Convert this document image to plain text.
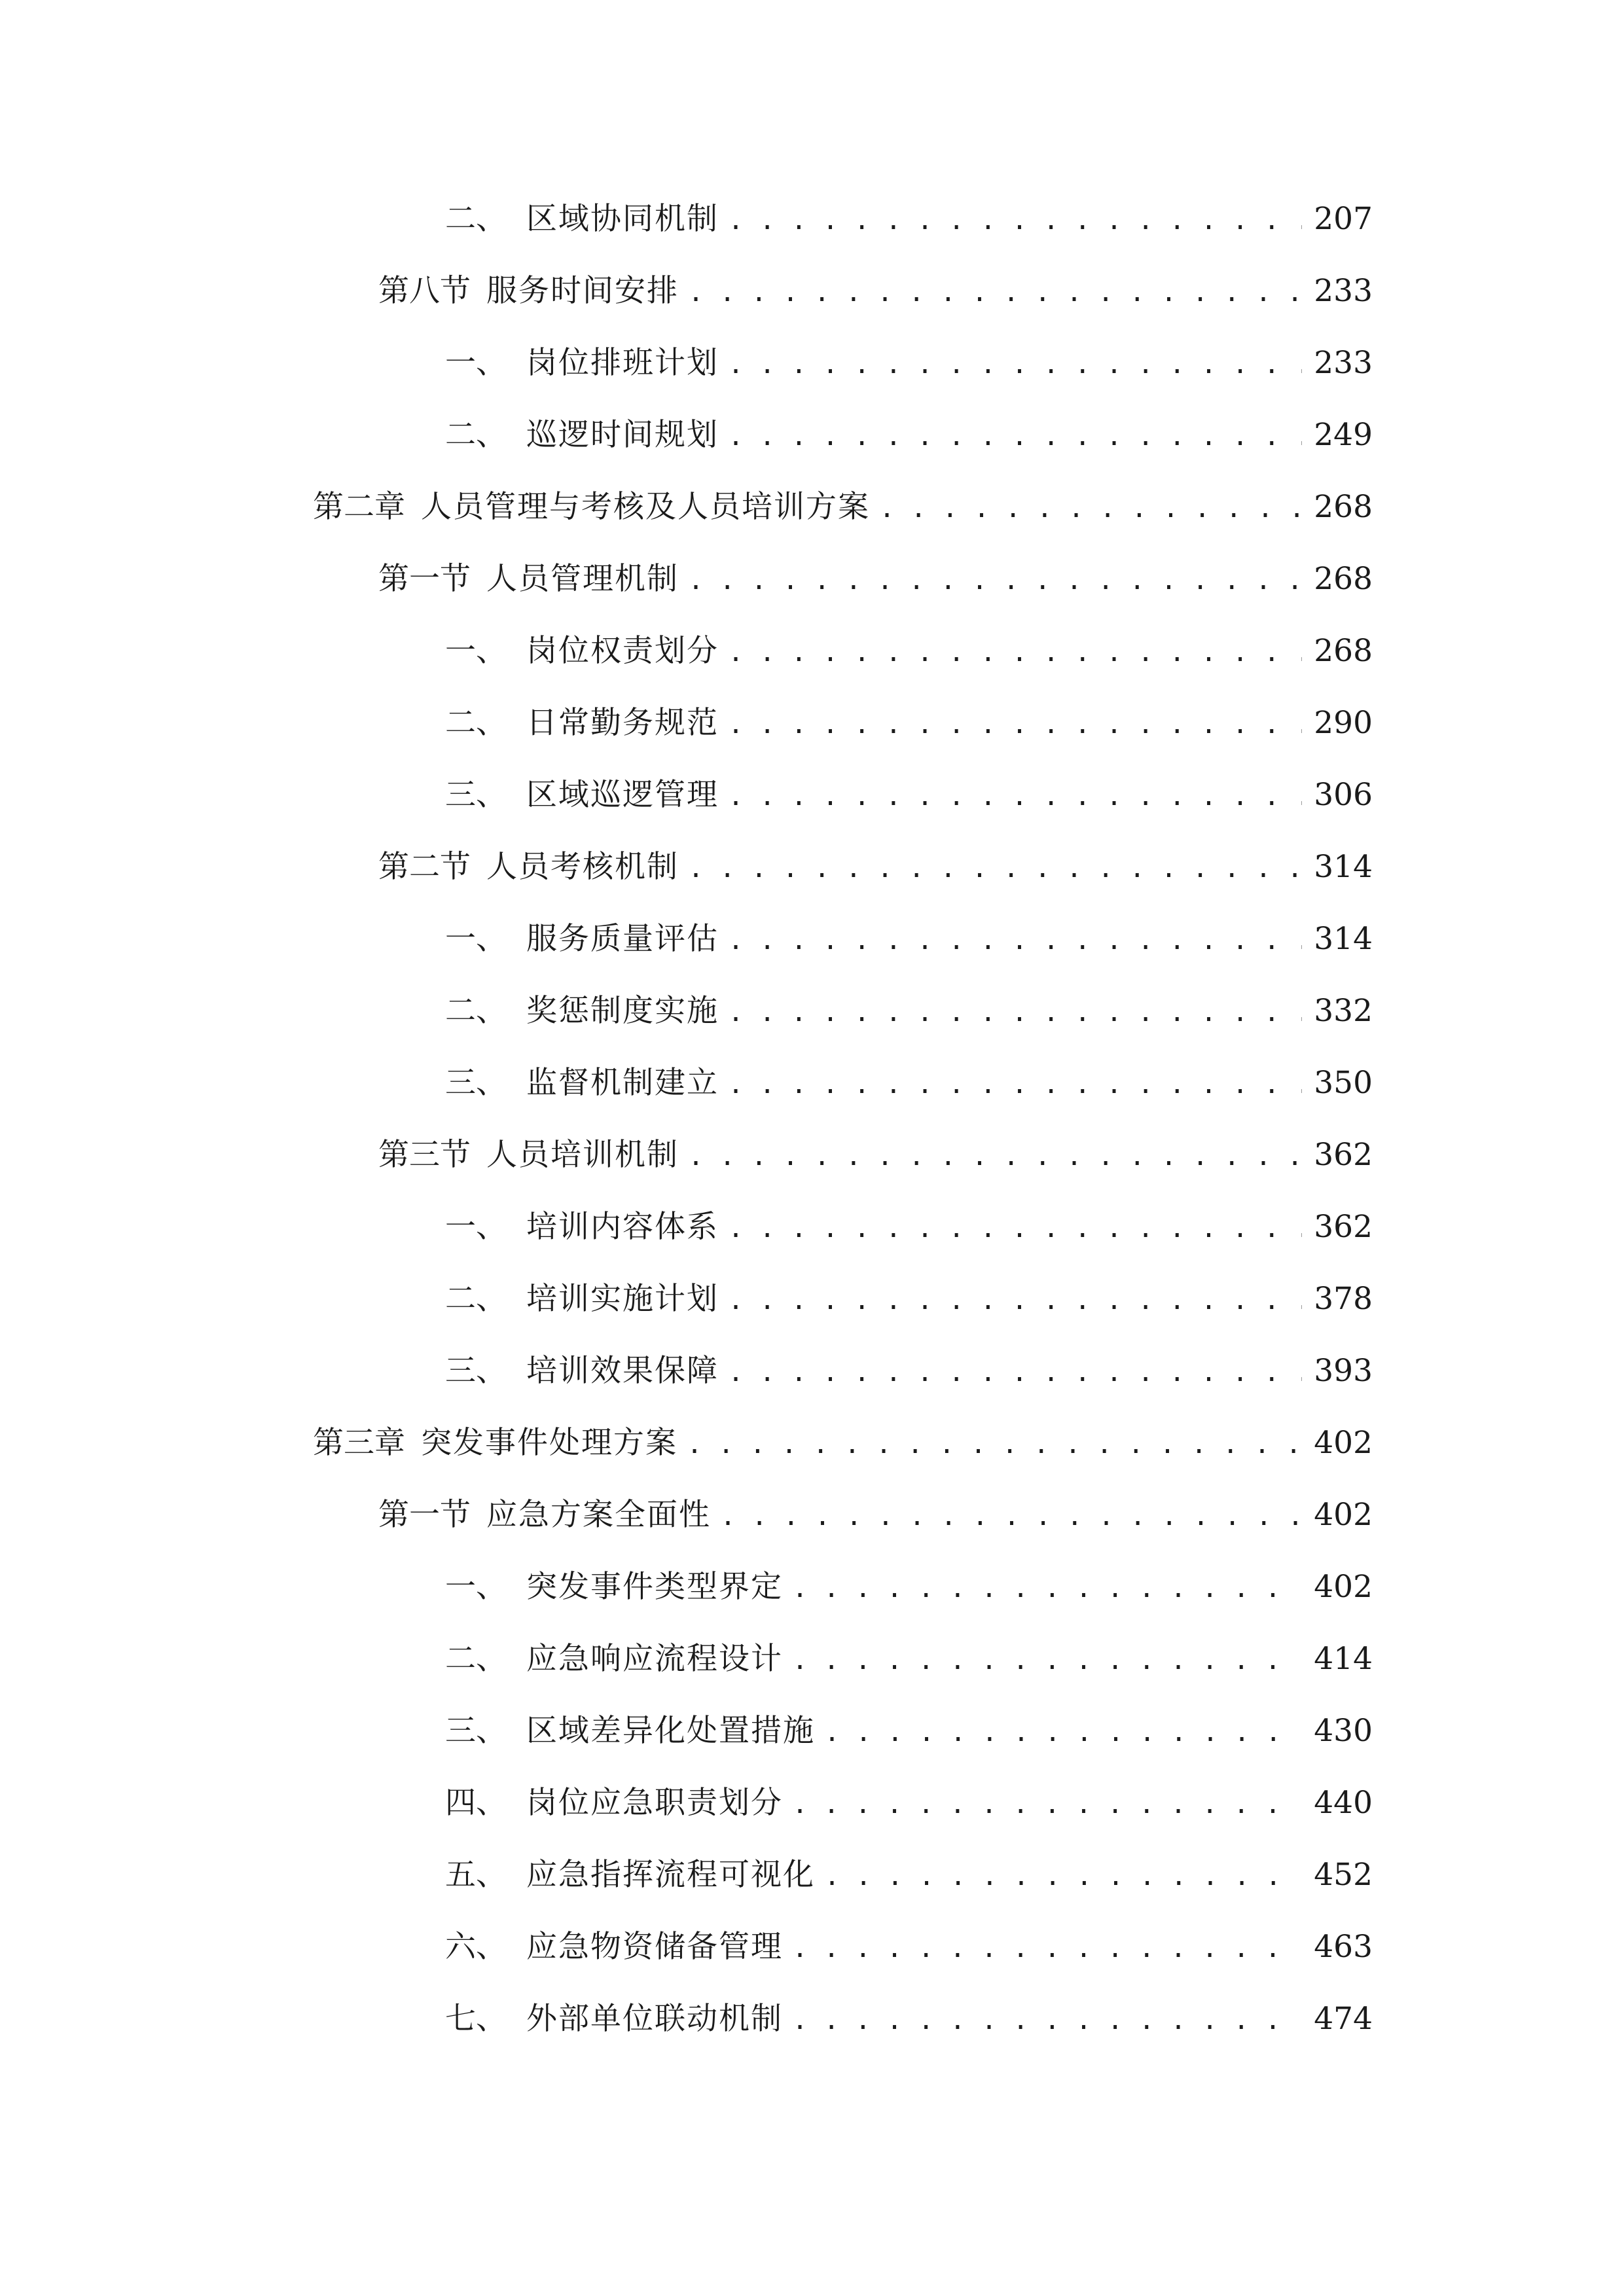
二、 区域协同机制 . . .	207
第八节 服务时间安排 . . .	233
一、 岗位排班计划 . . .	233
二、 巡逻时间规划 . . .	249
第二章 人员管理与考核及人员培训方案 . . .	268
第一节 人员管理机制 . . .	268
一、 岗位权责划分 . . .	268
二、 日常勤务规范 . . .	290
三、 区域巡逻管理 . . .	306
第二节 人员考核机制 . . .	314
一、 服务质量评估 . . .	314
二、 奖惩制度实施 . . .	332
三、 监督机制建立 . . .	350
第三节 人员培训机制 . . .	362
一、 培训内容体系 . . .	362
二、 培训实施计划 . . .	378
三、 培训效果保障 . . .	393
第三章 突发事件处理方案 . . .	402
第一节 应急方案全面性 . . .	402
一、 突发事件类型界定 . . .	402
二、 应急响应流程设计 . . .	414
三、 区域差异化处置措施 . . .	430
四、 岗位应急职责划分 . . .	440
五、 应急指挥流程可视化 . . .	452
六、 应急物资储备管理 . . .	463
七、 外部单位联动机制 . . .	474
